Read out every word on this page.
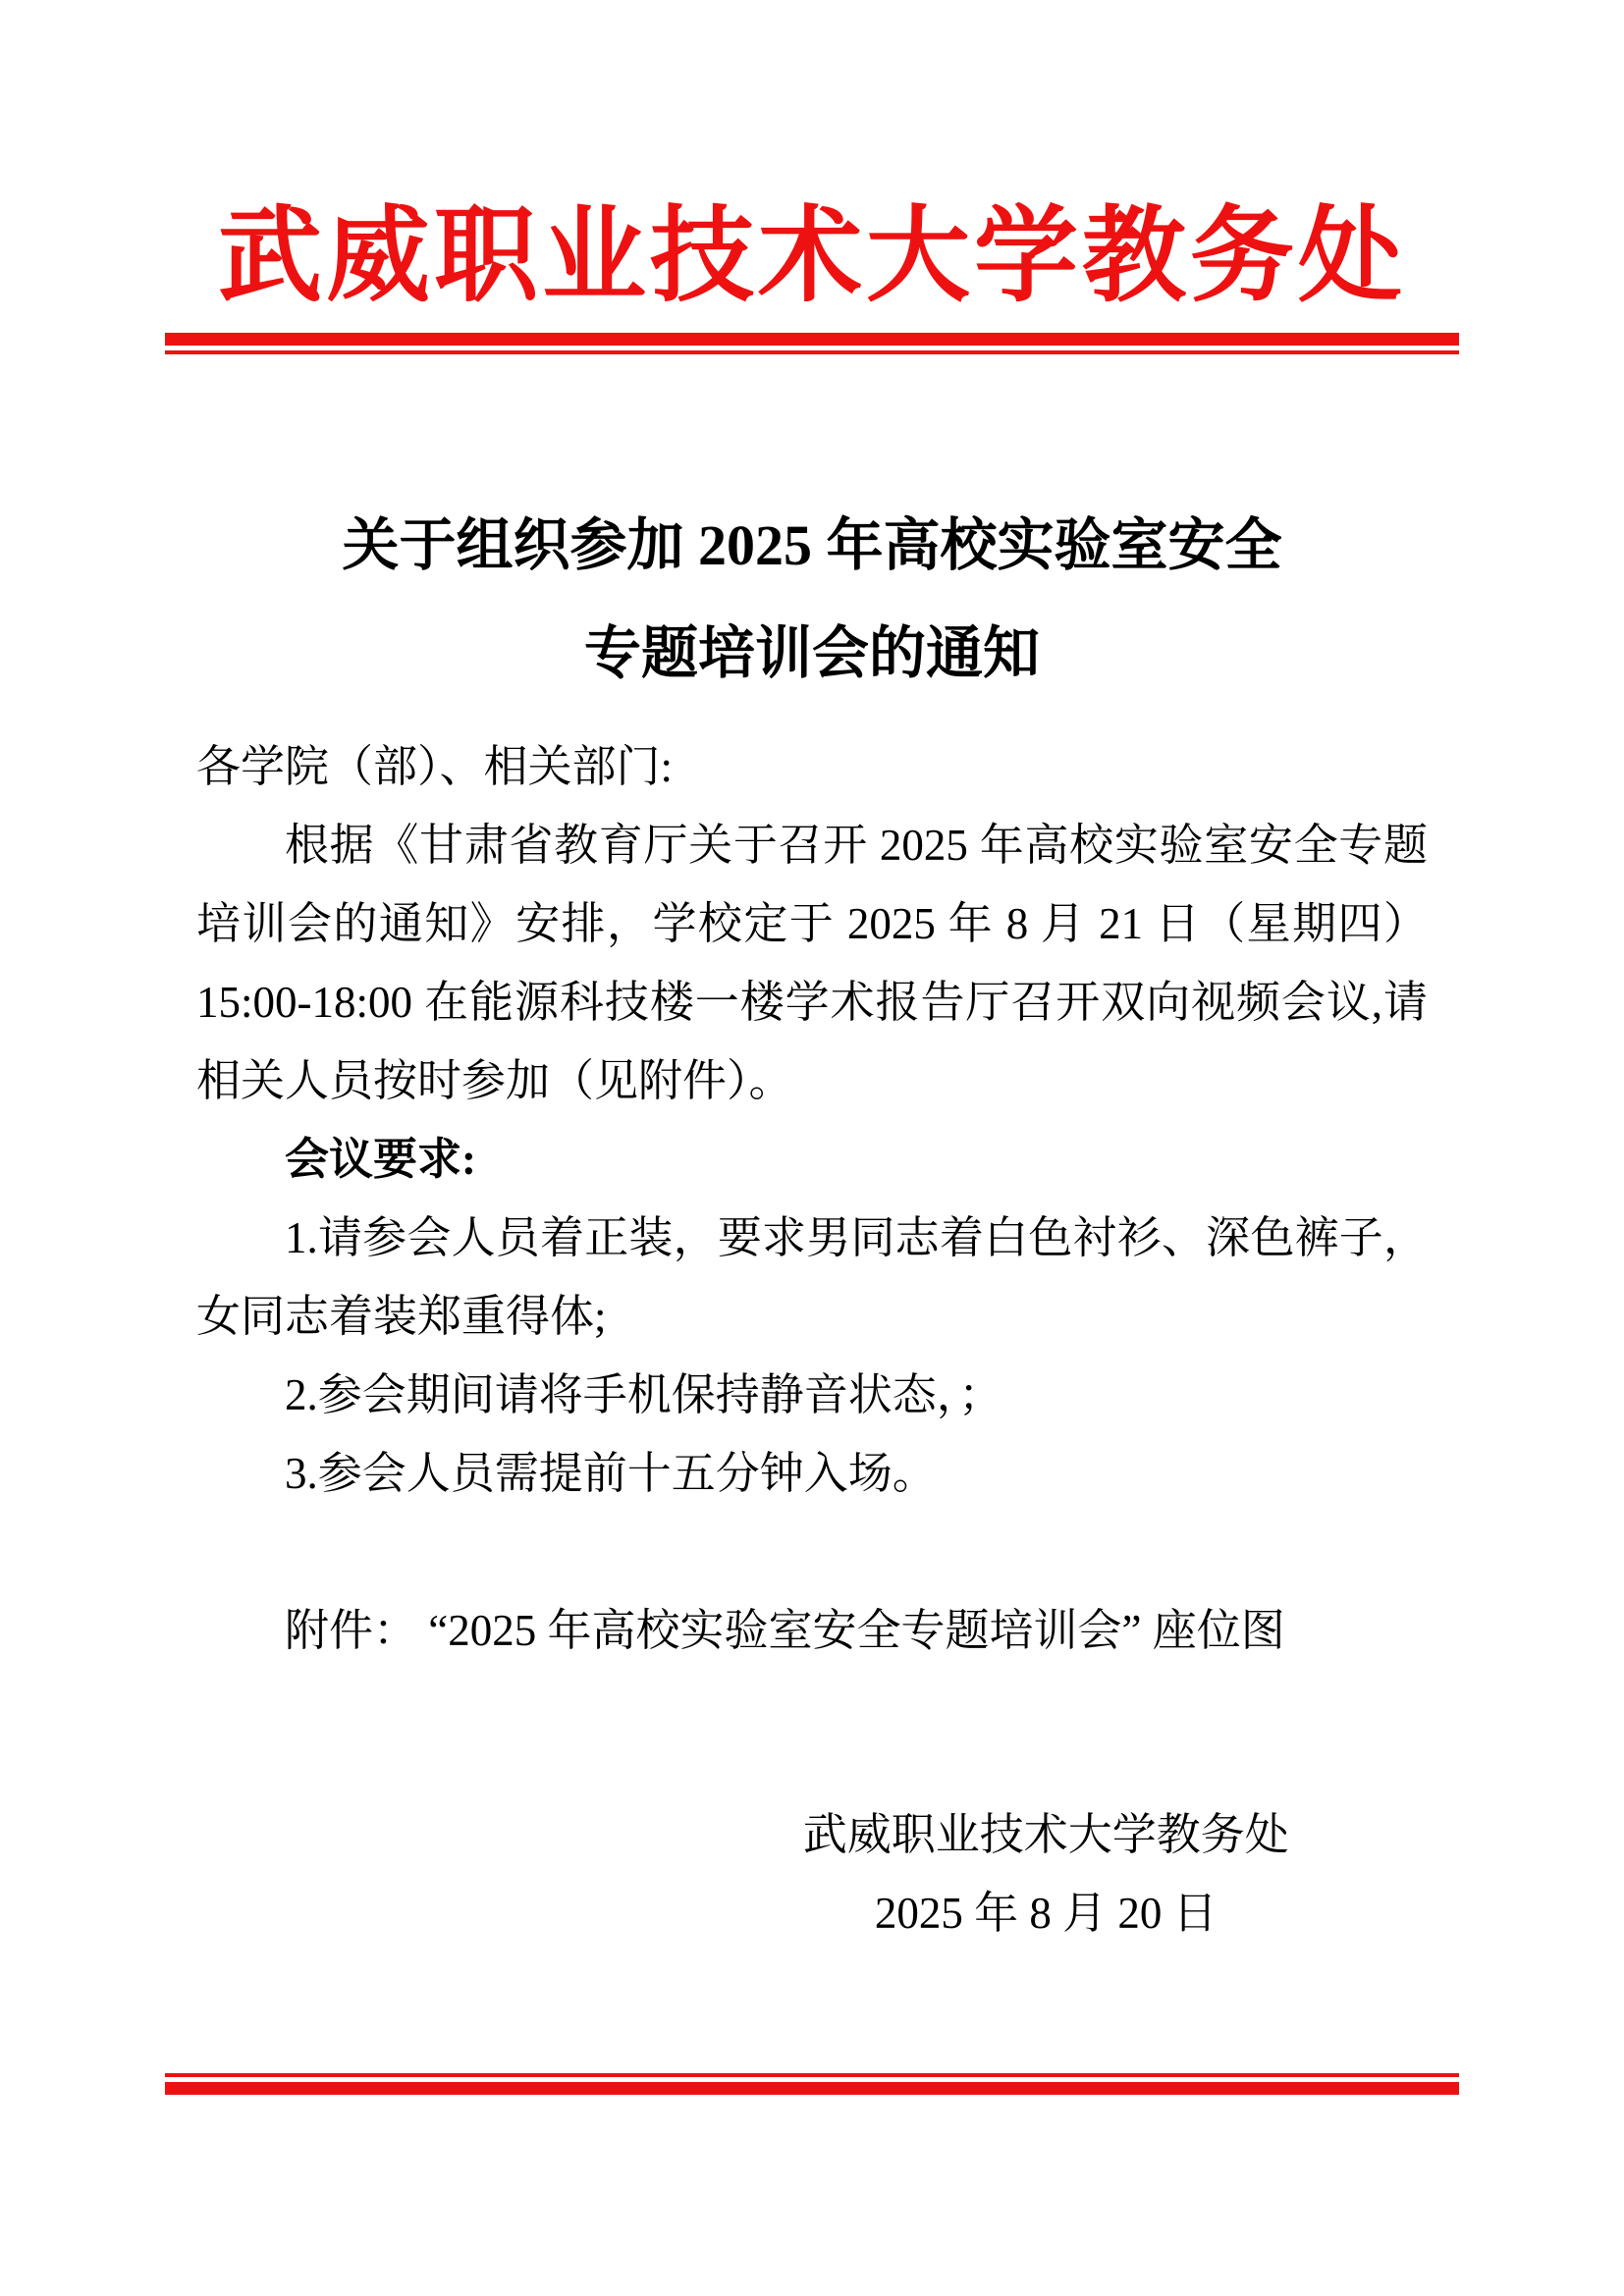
武威职业技术大学教务处
关于组织参加 2025 年高校实验室安全
专题培训会的通知

各学院（部）、相关部门:

根据《甘肃省教育厅关于召开 2025 年高校实验室安全专题

培训会的通知》安排，学校定于 2025 年 8 月 21 日（星期四）

15:00-18:00 在能源科技楼一楼学术报告厅召开双向视频会议,请

相关人员按时参加（见附件）。

会议要求:

1.请参会人员着正装，要求男同志着白色衬衫、深色裤子，

女同志着装郑重得体;

2.参会期间请将手机保持静音状态，；

3.参会人员需提前十五分钟入场。

附件： “2025 年高校实验室安全专题培训会” 座位图

武威职业技术大学教务处

2025 年 8 月 20 日
